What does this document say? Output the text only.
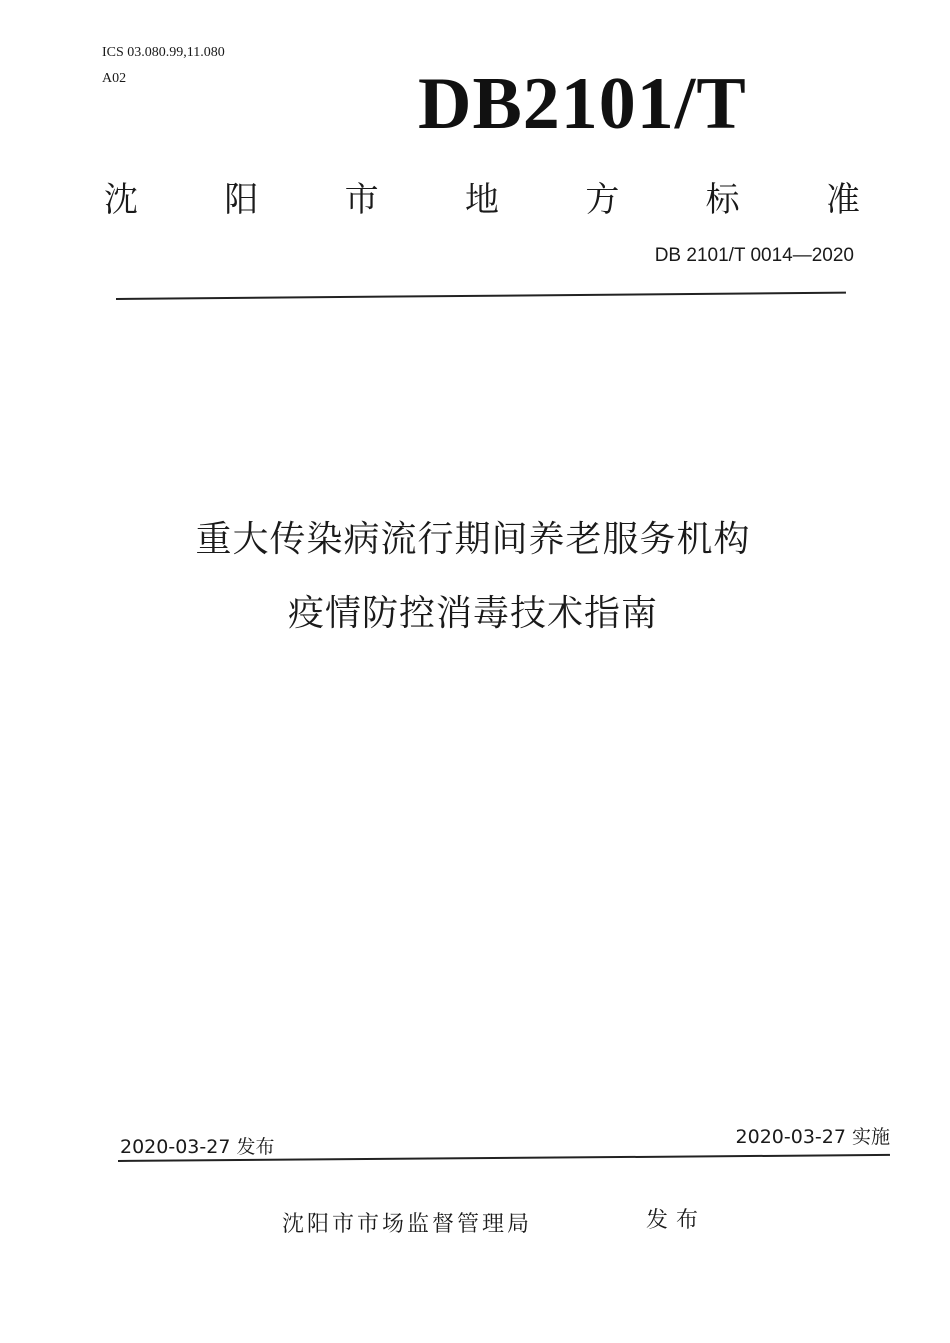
ICS 03.080.99,11.080
A02	DB2101/T
沈	阳	市	地	方	标	准
DB 2101/T 0014—2020
重大传染病流行期间养老服务机构
疫情防控消毒技术指南
2020-03-27 发布	2020-03-27 实施
沈阳市市场监督管理局	发布
